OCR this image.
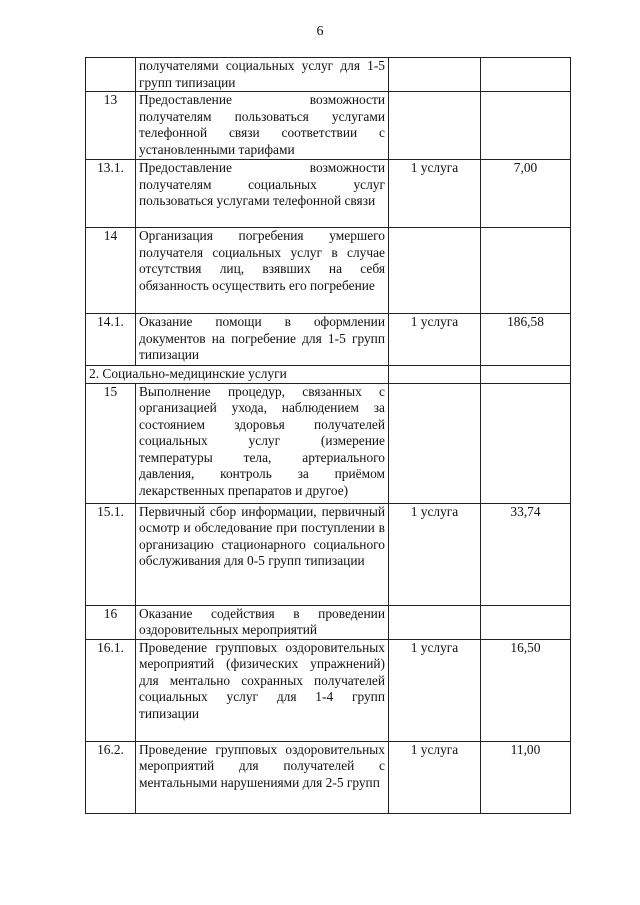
6
	получателями социальных услуг для 1-5 групп типизации		
13	Предоставление возможности получателям пользоваться услугами телефонной связи соответствии с установленными тарифами		
13.1.	Предоставление возможности получателям социальных услуг пользоваться услугами телефонной связи	1 услуга	7,00
14	Организация погребения умершего получателя социальных услуг в случае отсутствия лиц, взявших на себя обязанность осуществить его погребение		
14.1.	Оказание помощи в оформлении документов на погребение для 1-5 групп типизации	1 услуга	186,58
2. Социально-медицинские услуги			
15	Выполнение процедур, связанных с организацией ухода, наблюдением за состоянием здоровья получателей социальных услуг (измерение температуры тела, артериального давления, контроль за приёмом лекарственных препаратов и другое)		
15.1.	Первичный сбор информации, первичный осмотр и обследование при поступлении в организацию стационарного социального обслуживания для 0-5 групп типизации	1 услуга	33,74
16	Оказание содействия в проведении оздоровительных мероприятий		
16.1.	Проведение групповых оздоровительных мероприятий (физических упражнений) для ментально сохранных получателей социальных услуг для 1-4 групп типизации	1 услуга	16,50
16.2.	Проведение групповых оздоровительных мероприятий для получателей с ментальными нарушениями для 2-5 групп	1 услуга	11,00
